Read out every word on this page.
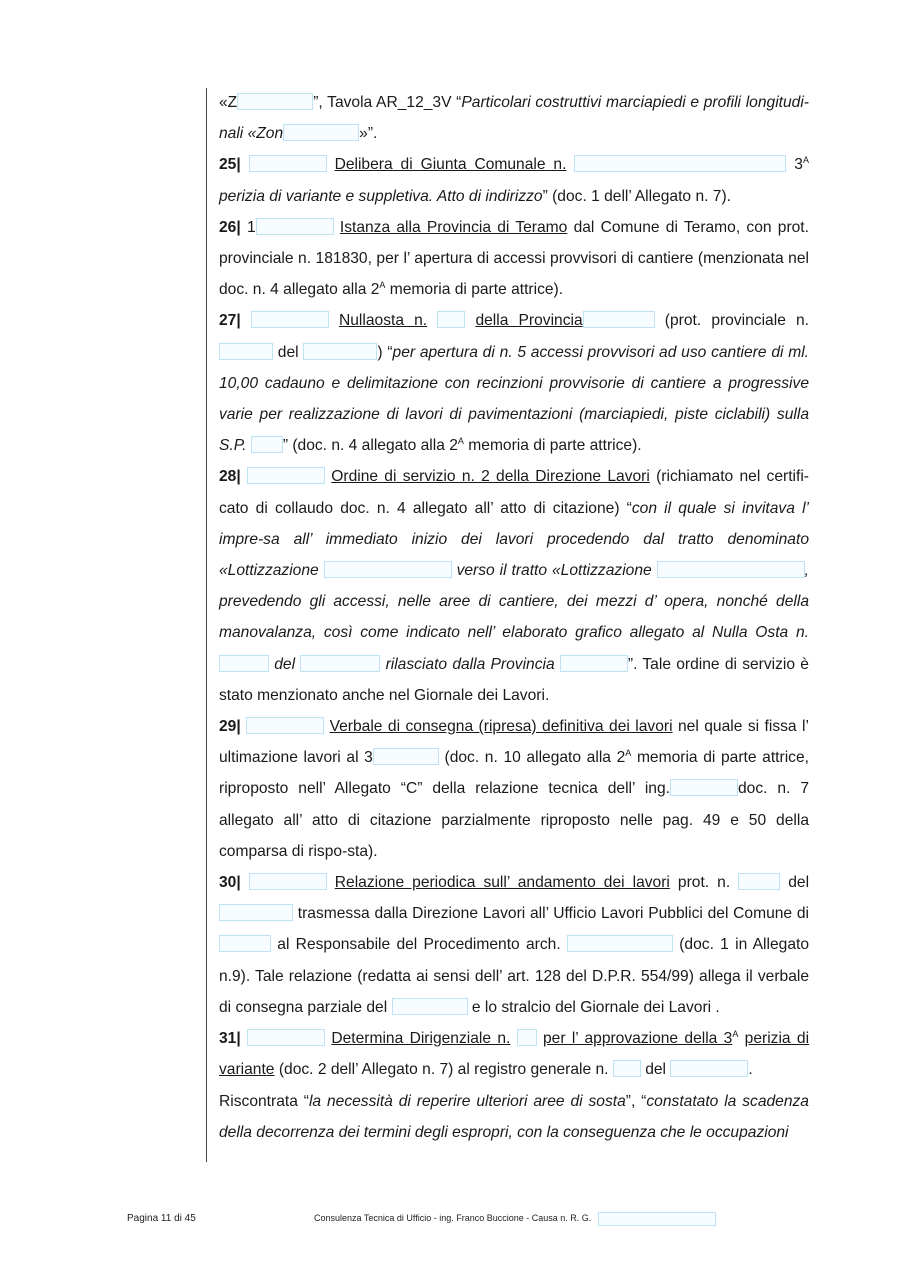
«Z	”, Tavola AR_12_3V “Particolari costruttivi marciapiedi e profili longitudi-nali «Zon	»”.

25|	Delibera di Giunta Comunale n.	$3^A$ perizia di variante e suppletiva. Atto di indirizzo” (doc. 1 dell’ Allegato n. 7).

26| 1	Istanza alla Provincia di Teramo dal Comune di Teramo, con prot. provinciale n. 181830, per l’ apertura di accessi provvisori di cantiere (menzionata nel doc. n. 4 allegato alla $2^A$ memoria di parte attrice).

27|	Nullaosta n.	della Provincia	(prot. provinciale n.  del	) “per apertura di n. 5 accessi provvisori ad uso cantiere di ml. 10,00 cadauno e delimitazione con recinzioni provvisorie di cantiere a progressive varie per realizzazione di lavori di pavimentazioni (marciapiedi, piste ciclabili) sulla S.P. ” (doc. n. 4 allegato alla $2^A$ memoria di parte attrice).

28|	Ordine di servizio n. 2 della Direzione Lavori (richiamato nel certifi-cato di collaudo doc. n. 4 allegato all’ atto di citazione) “con il quale si invitava l’ impre-sa all’ immediato inizio dei lavori procedendo dal tratto denominato «Lottizzazione	verso il tratto «Lottizzazione	, prevedendo gli accessi, nelle aree di cantiere, dei mezzi d’ opera, nonché della manovalanza, così come indicato nell’ elaborato grafico allegato al Nulla Osta n.  del	rilasciato dalla Provincia	”. Tale ordine di servizio è stato menzionato anche nel Giornale dei Lavori.

29|	Verbale di consegna (ripresa) definitiva dei lavori nel quale si fissa l’ ultimazione lavori al 3	(doc. n. 10 allegato alla $2^A$ memoria di parte attrice, riproposto nell’ Allegato “C” della relazione tecnica dell’ ing.	doc. n. 7 allegato all’ atto di citazione parzialmente riproposto nelle pag. 49 e 50 della comparsa di rispo-sta).

30|	Relazione periodica sull’ andamento dei lavori prot. n.	del  trasmessa dalla Direzione Lavori all’ Ufficio Lavori Pubblici del Comune di  al Responsabile del Procedimento arch.	(doc. 1 in Allegato n.9). Tale relazione (redatta ai sensi dell’ art. 128 del D.P.R. 554/99) allega il verbale di consegna parziale del	e lo stralcio del Giornale dei Lavori .

31|	Determina Dirigenziale n. per l’ approvazione della $3^A$ perizia di variante (doc. 2 dell’ Allegato n. 7) al registro generale n. del	.
Riscontrata “la necessità di reperire ulteriori aree di sosta”, “constatato la scadenza della decorrenza dei termini degli espropri, con la conseguenza che le occupazioni

Pagina 11 di 45	Consulenza Tecnica di Ufficio - ing. Franco Buccione - Causa n. R. G.
